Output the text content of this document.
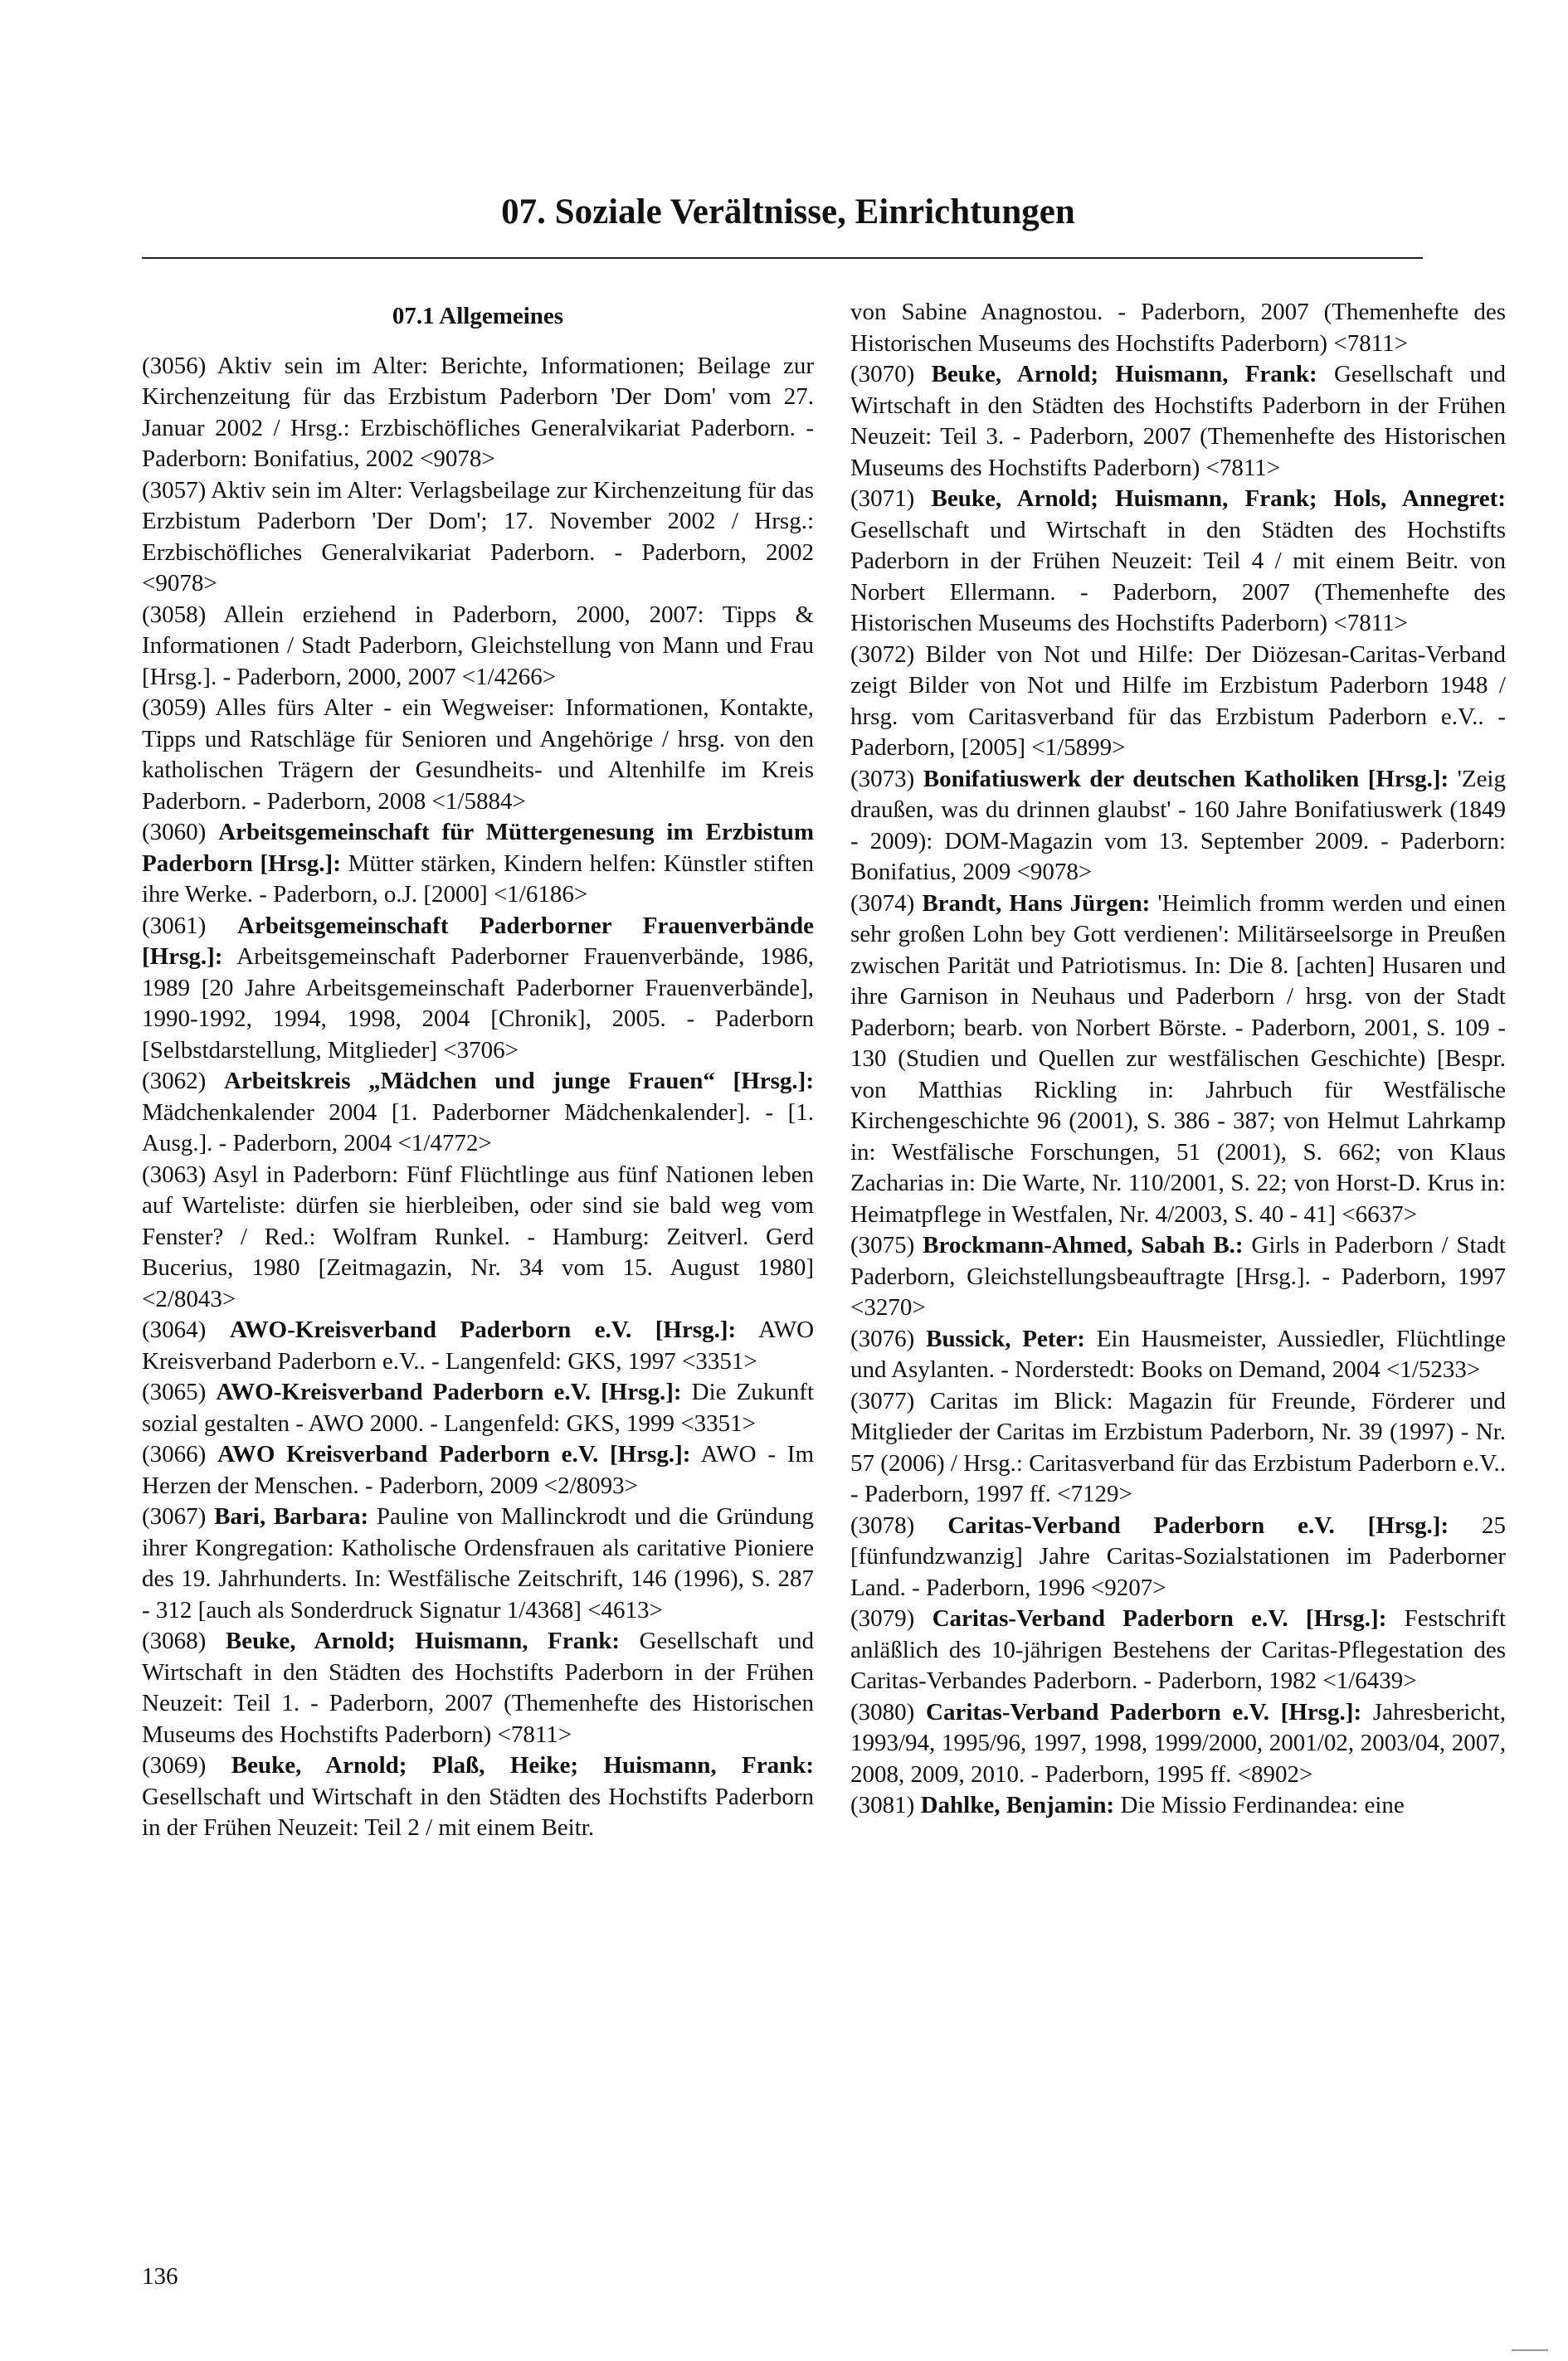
07. Soziale Verältnisse, Einrichtungen
07.1 Allgemeines

(3056) Aktiv sein im Alter: Berichte, Informationen; Beilage zur Kirchenzeitung für das Erzbistum Paderborn 'Der Dom' vom 27. Januar 2002 / Hrsg.: Erzbischöfliches Generalvikariat Paderborn. - Paderborn: Bonifatius, 2002 <9078>

(3057) Aktiv sein im Alter: Verlagsbeilage zur Kirchenzeitung für das Erzbistum Paderborn 'Der Dom'; 17. November 2002 / Hrsg.: Erzbischöfliches Generalvikariat Paderborn. - Paderborn, 2002 <9078>

(3058) Allein erziehend in Paderborn, 2000, 2007: Tipps & Informationen / Stadt Paderborn, Gleichstellung von Mann und Frau [Hrsg.]. - Paderborn, 2000, 2007 <1/4266>

(3059) Alles fürs Alter - ein Wegweiser: Informationen, Kontakte, Tipps und Ratschläge für Senioren und Angehörige / hrsg. von den katholischen Trägern der Gesundheits- und Altenhilfe im Kreis Paderborn. - Paderborn, 2008 <1/5884>

(3060) Arbeitsgemeinschaft für Müttergenesung im Erzbistum Paderborn [Hrsg.]: Mütter stärken, Kindern helfen: Künstler stiften ihre Werke. - Paderborn, o.J. [2000] <1/6186>

(3061) Arbeitsgemeinschaft Paderborner Frauenverbände [Hrsg.]: Arbeitsgemeinschaft Paderborner Frauenverbände, 1986, 1989 [20 Jahre Arbeitsgemeinschaft Paderborner Frauenverbände], 1990-1992, 1994, 1998, 2004 [Chronik], 2005. - Paderborn [Selbstdarstellung, Mitglieder] <3706>

(3062) Arbeitskreis „Mädchen und junge Frauen“ [Hrsg.]: Mädchenkalender 2004 [1. Paderborner Mädchenkalender]. - [1. Ausg.]. - Paderborn, 2004 <1/4772>

(3063) Asyl in Paderborn: Fünf Flüchtlinge aus fünf Nationen leben auf Warteliste: dürfen sie hierbleiben, oder sind sie bald weg vom Fenster? / Red.: Wolfram Runkel. - Hamburg: Zeitverl. Gerd Bucerius, 1980 [Zeitmagazin, Nr. 34 vom 15. August 1980] <2/8043>

(3064) AWO-Kreisverband Paderborn e.V. [Hrsg.]: AWO Kreisverband Paderborn e.V.. - Langenfeld: GKS, 1997 <3351>

(3065) AWO-Kreisverband Paderborn e.V. [Hrsg.]: Die Zukunft sozial gestalten - AWO 2000. - Langenfeld: GKS, 1999 <3351>

(3066) AWO Kreisverband Paderborn e.V. [Hrsg.]: AWO - Im Herzen der Menschen. - Paderborn, 2009 <2/8093>

(3067) Bari, Barbara: Pauline von Mallinckrodt und die Gründung ihrer Kongregation: Katholische Ordensfrauen als caritative Pioniere des 19. Jahrhunderts. In: Westfälische Zeitschrift, 146 (1996), S. 287 - 312 [auch als Sonderdruck Signatur 1/4368] <4613>

(3068) Beuke, Arnold; Huismann, Frank: Gesellschaft und Wirtschaft in den Städten des Hochstifts Paderborn in der Frühen Neuzeit: Teil 1. - Paderborn, 2007 (Themenhefte des Historischen Museums des Hochstifts Paderborn) <7811>

(3069) Beuke, Arnold; Plaß, Heike; Huismann, Frank: Gesellschaft und Wirtschaft in den Städten des Hochstifts Paderborn in der Frühen Neuzeit: Teil 2 / mit einem Beitr.

von Sabine Anagnostou. - Paderborn, 2007 (Themenhefte des Historischen Museums des Hochstifts Paderborn) <7811>

(3070) Beuke, Arnold; Huismann, Frank: Gesellschaft und Wirtschaft in den Städten des Hochstifts Paderborn in der Frühen Neuzeit: Teil 3. - Paderborn, 2007 (Themenhefte des Historischen Museums des Hochstifts Paderborn) <7811>

(3071) Beuke, Arnold; Huismann, Frank; Hols, Annegret: Gesellschaft und Wirtschaft in den Städten des Hochstifts Paderborn in der Frühen Neuzeit: Teil 4 / mit einem Beitr. von Norbert Ellermann. - Paderborn, 2007 (Themenhefte des Historischen Museums des Hochstifts Paderborn) <7811>

(3072) Bilder von Not und Hilfe: Der Diözesan-Caritas-Verband zeigt Bilder von Not und Hilfe im Erzbistum Paderborn 1948 / hrsg. vom Caritasverband für das Erzbistum Paderborn e.V.. - Paderborn, [2005] <1/5899>

(3073) Bonifatiuswerk der deutschen Katholiken [Hrsg.]: 'Zeig draußen, was du drinnen glaubst' - 160 Jahre Bonifatiuswerk (1849 - 2009): DOM-Magazin vom 13. September 2009. - Paderborn: Bonifatius, 2009 <9078>

(3074) Brandt, Hans Jürgen: 'Heimlich fromm werden und einen sehr großen Lohn bey Gott verdienen': Militärseelsorge in Preußen zwischen Parität und Patriotismus. In: Die 8. [achten] Husaren und ihre Garnison in Neuhaus und Paderborn / hrsg. von der Stadt Paderborn; bearb. von Norbert Börste. - Paderborn, 2001, S. 109 - 130 (Studien und Quellen zur westfälischen Geschichte) [Bespr. von Matthias Rickling in: Jahrbuch für Westfälische Kirchengeschichte 96 (2001), S. 386 - 387; von Helmut Lahrkamp in: Westfälische Forschungen, 51 (2001), S. 662; von Klaus Zacharias in: Die Warte, Nr. 110/2001, S. 22; von Horst-D. Krus in: Heimatpflege in Westfalen, Nr. 4/2003, S. 40 - 41] <6637>

(3075) Brockmann-Ahmed, Sabah B.: Girls in Paderborn / Stadt Paderborn, Gleichstellungsbeauftragte [Hrsg.]. - Paderborn, 1997 <3270>

(3076) Bussick, Peter: Ein Hausmeister, Aussiedler, Flüchtlinge und Asylanten. - Norderstedt: Books on Demand, 2004 <1/5233>

(3077) Caritas im Blick: Magazin für Freunde, Förderer und Mitglieder der Caritas im Erzbistum Paderborn, Nr. 39 (1997) - Nr. 57 (2006) / Hrsg.: Caritasverband für das Erzbistum Paderborn e.V.. - Paderborn, 1997 ff. <7129>

(3078) Caritas-Verband Paderborn e.V. [Hrsg.]: 25 [fünfundzwanzig] Jahre Caritas-Sozialstationen im Paderborner Land. - Paderborn, 1996 <9207>

(3079) Caritas-Verband Paderborn e.V. [Hrsg.]: Festschrift anläßlich des 10-jährigen Bestehens der Caritas-Pflegestation des Caritas-Verbandes Paderborn. - Paderborn, 1982 <1/6439>

(3080) Caritas-Verband Paderborn e.V. [Hrsg.]: Jahresbericht, 1993/94, 1995/96, 1997, 1998, 1999/2000, 2001/02, 2003/04, 2007, 2008, 2009, 2010. - Paderborn, 1995 ff. <8902>

(3081) Dahlke, Benjamin: Die Missio Ferdinandea: eine

136
